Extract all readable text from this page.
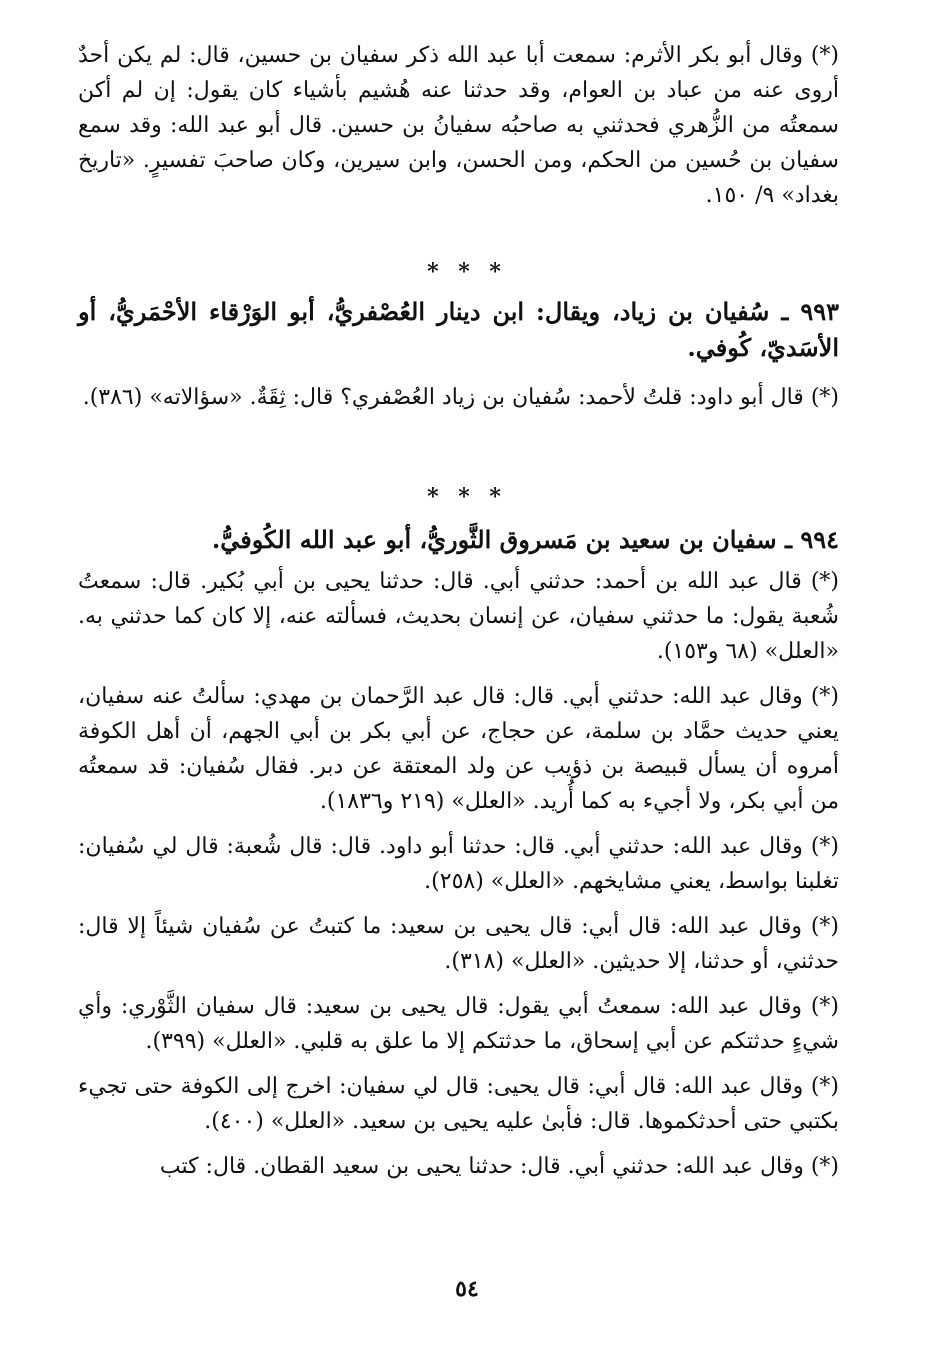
(*) وقال أبو بكر الأثرم: سمعت أبا عبد الله ذكر سفيان بن حسين، قال: لم يكن أحدٌ أروى عنه من عباد بن العوام، وقد حدثنا عنه هُشيم بأشياء كان يقول: إن لم أكن سمعتُه من الزُّهري فحدثني به صاحبُه سفيانُ بن حسين. قال أبو عبد الله: وقد سمع سفيان بن حُسين من الحكم، ومن الحسن، وابن سيرين، وكان صاحبَ تفسيرٍ. «تاريخ بغداد» ٩/ ١٥٠.

* * *

٩٩٣ ـ سُفيان بن زياد، ويقال: ابن دينار العُصْفريُّ، أبو الوَرْقاء الأحْمَريُّ، أو الأسَديّ، كُوفي.

(*) قال أبو داود: قلتُ لأحمد: سُفيان بن زياد العُصْفري؟ قال: ثِقَةٌ. «سؤالاته» (٣٨٦).

* * *

٩٩٤ ـ سفيان بن سعيد بن مَسروق الثَّوريُّ، أبو عبد الله الكُوفيُّ.

(*) قال عبد الله بن أحمد: حدثني أبي. قال: حدثنا يحيى بن أبي بُكير. قال: سمعتُ شُعبة يقول: ما حدثني سفيان، عن إنسان بحديث، فسألته عنه، إلا كان كما حدثني به. «العلل» (٦٨ و١٥٣).

(*) وقال عبد الله: حدثني أبي. قال: قال عبد الرَّحمان بن مهدي: سألتُ عنه سفيان، يعني حديث حمَّاد بن سلمة، عن حجاج، عن أبي بكر بن أبي الجهم، أن أهل الكوفة أمروه أن يسأل قبيصة بن ذؤيب عن ولد المعتقة عن دبر. فقال سُفيان: قد سمعتُه من أبي بكر، ولا أجيء به كما أُريد. «العلل» (٢١٩ و١٨٣٦).

(*) وقال عبد الله: حدثني أبي. قال: حدثنا أبو داود. قال: قال شُعبة: قال لي سُفيان: تغلبنا بواسط، يعني مشايخهم. «العلل» (٢٥٨).

(*) وقال عبد الله: قال أبي: قال يحيى بن سعيد: ما كتبتُ عن سُفيان شيئاً إلا قال: حدثني، أو حدثنا، إلا حديثين. «العلل» (٣١٨).

(*) وقال عبد الله: سمعتُ أبي يقول: قال يحيى بن سعيد: قال سفيان الثَّوْري: وأي شيءٍ حدثتكم عن أبي إسحاق، ما حدثتكم إلا ما علق به قلبي. «العلل» (٣٩٩).

(*) وقال عبد الله: قال أبي: قال يحيى: قال لي سفيان: اخرج إلى الكوفة حتى تجيء بكتبي حتى أحدثكموها. قال: فأبىٰ عليه يحيى بن سعيد. «العلل» (٤٠٠).

(*) وقال عبد الله: حدثني أبي. قال: حدثنا يحيى بن سعيد القطان. قال: كتب

٥٤
